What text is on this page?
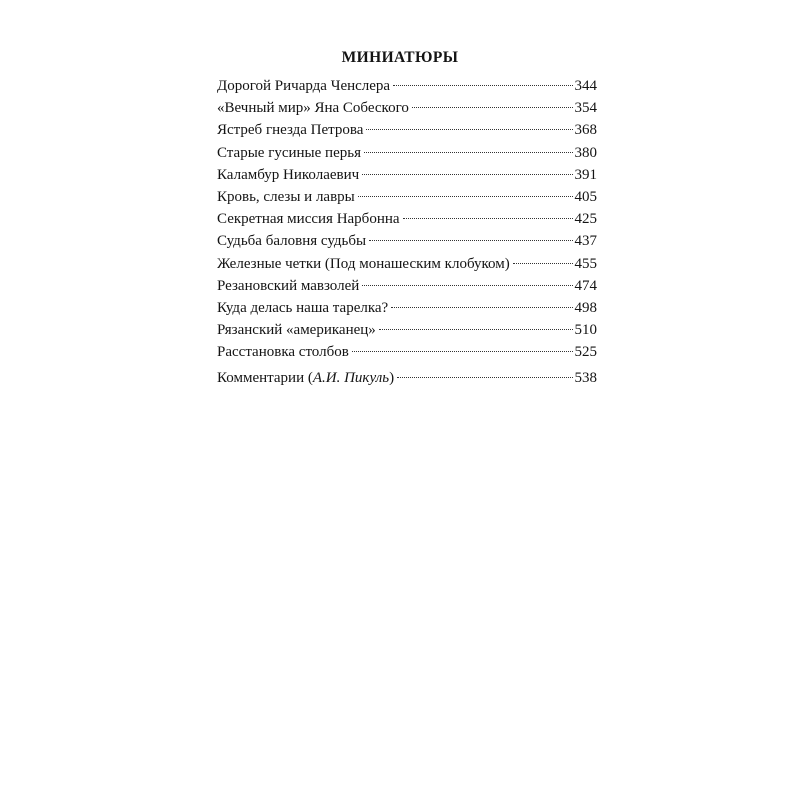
МИНИАТЮРЫ
Дорогой Ричарда Ченслера	344
«Вечный мир» Яна Собеского	354
Ястреб гнезда Петрова	368
Старые гусиные перья	380
Каламбур Николаевич	391
Кровь, слезы и лавры	405
Секретная миссия Нарбонна	425
Судьба баловня судьбы	437
Железные четки (Под монашеским клобуком)	455
Резановский мавзолей	474
Куда делась наша тарелка?	498
Рязанский «американец»	510
Расстановка столбов	525
Комментарии (А.И. Пикуль)	538
